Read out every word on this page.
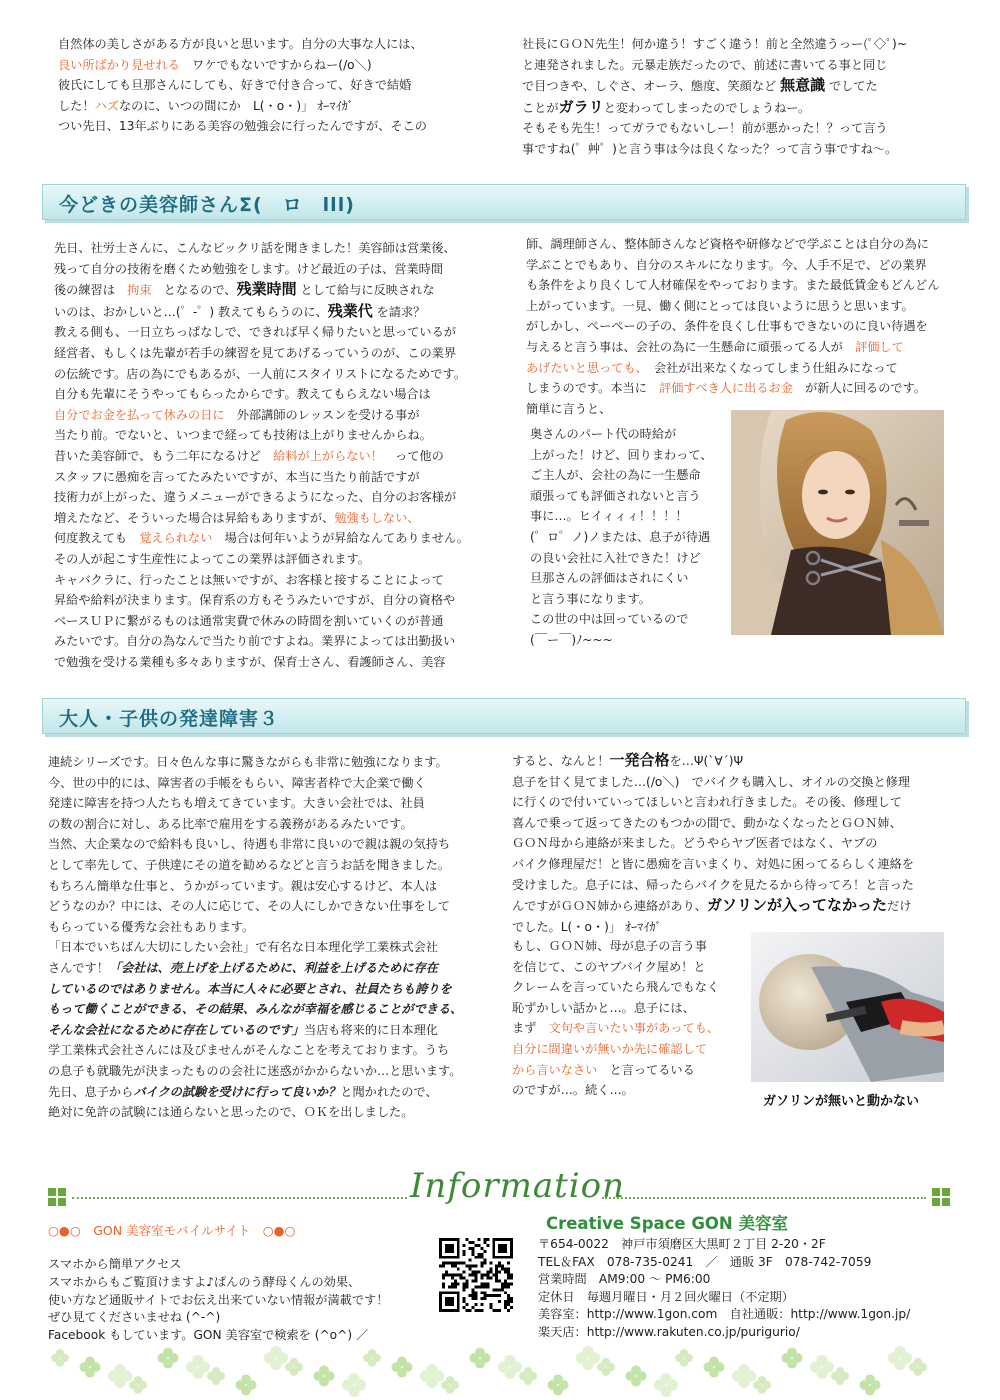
自然体の美しさがある方が良いと思います。自分の大事な人には、

良い所ばかり見せれる　ワケでもないですからねー(/o＼)

彼氏にしても旦那さんにしても、好きで付き合って、好きで結婚

した！ハズなのに、いつの間にか　L(・o・)」 ｵｰﾏｲｶﾞ

つい先日、13年ぶりにある美容の勉強会に行ったんですが、そこの

社長にＧＯＮ先生！何か違う！すごく違う！前と全然違うっー(ﾟ◇ﾟ)~

と連発されました。元暴走族だったので、前述に書いてる事と同じ

で目つきや、しぐさ、オーラ、態度、笑顔など 無意識 でしてた

ことがガラリと変わってしまったのでしょうねー。

そもそも先生！ってガラでもないしー！前が悪かった！？って言う

事ですね(゜艸゜)と言う事は今は良くなった？って言う事ですね〜。

今どきの美容師さんΣ(　ロ　lll)

先日、社労士さんに、こんなビックリ話を聞きました！美容師は営業後、

残って自分の技術を磨くため勉強をします。けど最近の子は、営業時間

後の練習は　拘束　となるので、残業時間 として給与に反映されな

いのは、おかしいと…(゜-゜) 教えてもらうのに、残業代 を請求？

教える側も、一日立ちっぱなしで、できれば早く帰りたいと思っているが

経営者、もしくは先輩が若手の練習を見てあげるっていうのが、この業界

の伝統です。店の為にでもあるが、一人前にスタイリストになるためです。

自分も先輩にそうやってもらったからです。教えてもらえない場合は

自分でお金を払って休みの日に　外部講師のレッスンを受ける事が

当たり前。でないと、いつまで経っても技術は上がりませんからね。

昔いた美容師で、もう二年になるけど　給料が上がらない！　って他の

スタッフに愚痴を言ってたみたいですが、本当に当たり前話ですが

技術力が上がった、違うメニューができるようになった、自分のお客様が

増えたなど、そういった場合は昇給もありますが、勉強もしない、

何度教えても　覚えられない　場合は何年いようが昇給なんてありません。

その人が起こす生産性によってこの業界は評価されます。

キャバクラに、行ったことは無いですが、お客様と接することによって

昇給や給料が決まります。保育系の方もそうみたいですが、自分の資格や

ベースＵＰに繋がるものは通常実費で休みの時間を割いていくのが普通

みたいです。自分の為なんで当たり前ですよね。業界によっては出勤扱い

で勉強を受ける業種も多々ありますが、保育士さん、看護師さん、美容

師、調理師さん、整体師さんなど資格や研修などで学ぶことは自分の為に

学ぶことでもあり、自分のスキルになります。今、人手不足で、どの業界

も条件をより良くして人材確保をやっております。また最低賃金もどんどん

上がっています。一見、働く側にとっては良いように思うと思います。

がしかし、ぺーぺーの子の、条件を良くし仕事もできないのに良い待遇を

与えると言う事は、会社の為に一生懸命に頑張ってる人が　評価して

あげたいと思っても、　会社が出来なくなってしまう仕組みになって

しまうのです。本当に　評価すべき人に出るお金　が新人に回るのです。

簡単に言うと、

奥さんのパート代の時給が

上がった！けど、回りまわって、

ご主人が、会社の為に一生懸命

頑張っても評価されないと言う

事に…。ヒイィィィ！！！！

(゜ロ゜ノ)ノまたは、息子が待遇

の良い会社に入社できた！けど

旦那さんの評価はされにくい

と言う事になります。

この世の中は回っているので

(￣ー￣)ﾉ~~~

大人・子供の発達障害３

連続シリーズです。日々色んな事に驚きながらも非常に勉強になります。

今、世の中的には、障害者の手帳をもらい、障害者枠で大企業で働く

発達に障害を持つ人たちも増えてきています。大きい会社では、社員

の数の割合に対し、ある比率で雇用をする義務があるみたいです。

当然、大企業なので給料も良いし、待遇も非常に良いので親は親の気持ち

として率先して、子供達にその道を勧めるなどと言うお話を聞きました。

もちろん簡単な仕事と、うかがっています。親は安心するけど、本人は

どうなのか？中には、その人に応じて、その人にしかできない仕事をして

もらっている優秀な会社もあります。

「日本でいちばん大切にしたい会社」で有名な日本理化学工業株式会社

さんです！「会社は、売上げを上げるために、利益を上げるために存在

しているのではありません。本当に人々に必要とされ、社員たちも誇りを

もって働くことができる、その結果、みんなが幸福を感じることができる、

そんな会社になるために存在しているのです」当店も将来的に日本理化

学工業株式会社さんには及びませんがそんなことを考えております。うち

の息子も就職先が決まったものの会社に迷惑がかからないか…と思います。

先日、息子からバイクの試験を受けに行って良いか？と聞かれたので、

絶対に免許の試験には通らないと思ったので、ＯＫを出しました。

すると、なんと！一発合格を…Ψ(`∀´)Ψ

息子を甘く見てました…(/o＼)　でバイクも購入し、オイルの交換と修理

に行くので付いていってほしいと言われ行きました。その後、修理して

喜んで乗って返ってきたのもつかの間で、動かなくなったとＧＯＮ姉、

ＧＯＮ母から連絡が来ました。どうやらヤブ医者ではなく、ヤブの

バイク修理屋だ！と皆に愚痴を言いまくり、対処に困ってるらしく連絡を

受けました。息子には、帰ったらバイクを見たるから待ってろ！と言った

んですがＧＯＮ姉から連絡があり、ガソリンが入ってなかっただけ

でした。L(・o・)」 ｵｰﾏｲｶﾞ

もし、ＧＯＮ姉、母が息子の言う事

を信じて、このヤブバイク屋め！と

クレームを言っていたら飛んでもなく

恥ずかしい話かと…。息子には、

まず　文句や言いたい事があっても、

自分に間違いが無いか先に確認して

から言いなさい　と言ってるいる

のですが…。続く…。

ガソリンが無いと動かない
Information
○●○　GON 美容室モバイルサイト　○●○

スマホから簡単アクセス

スマホからもご覧頂けますよ♪ぱんのう酵母くんの効果、

使い方など通販サイトでお伝え出来ていない情報が満載です！

ぜひ見てくださいませね (^-^)

Facebook もしています。GON 美容室で検索を (^o^) ／

Creative Space GON 美容室

〒654-0022　神戸市須磨区大黒町２丁目 2-20・2F

TEL＆FAX　078-735-0241　／　通販 3F　078-742-7059

営業時間　AM9:00 〜 PM6:00

定休日　毎週月曜日・月２回火曜日（不定期）

美容室：http://www.1gon.com　自社通販：http://www.1gon.jp/

楽天店：http://www.rakuten.co.jp/purigurio/
